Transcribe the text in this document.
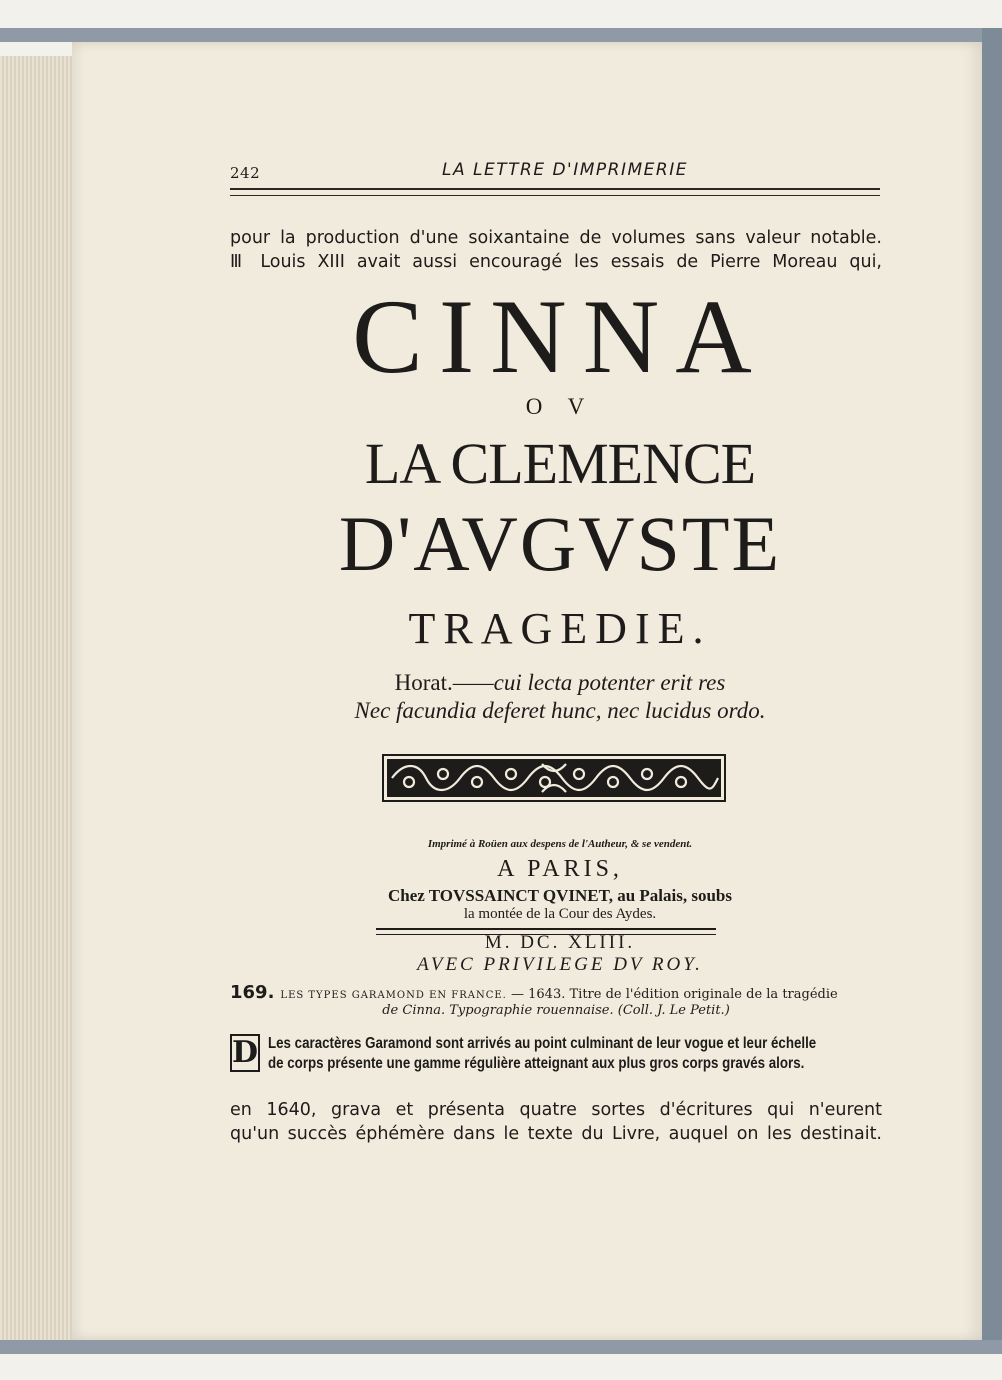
242	LA LETTRE D'IMPRIMERIE
pour la production d'une soixantaine de volumes sans valeur notable.
Ⅲ Louis XIII avait aussi encouragé les essais de Pierre Moreau qui,
CINNA
O V
LA CLEMENCE
D'AVGVSTE
TRAGEDIE.
Horat.——cui lecta potenter erit res
Nec facundia deferet hunc, nec lucidus ordo.
Imprimé à Roüen aux despens de l'Autheur, & se vendent.
A PARIS,
Chez TOVSSAINCT QVINET, au Palais, soubs
la montée de la Cour des Aydes.
M. DC. XLIII.
AVEC PRIVILEGE DV ROY.
169. LES TYPES GARAMOND EN FRANCE. — 1643. Titre de l'édition originale de la tragédie
de Cinna. Typographie rouennaise. (Coll. J. Le Petit.)
D Les caractères Garamond sont arrivés au point culminant de leur vogue et leur échelle
de corps présente une gamme régulière atteignant aux plus gros corps gravés alors.
en 1640, grava et présenta quatre sortes d'écritures qui n'eurent
qu'un succès éphémère dans le texte du Livre, auquel on les destinait.
